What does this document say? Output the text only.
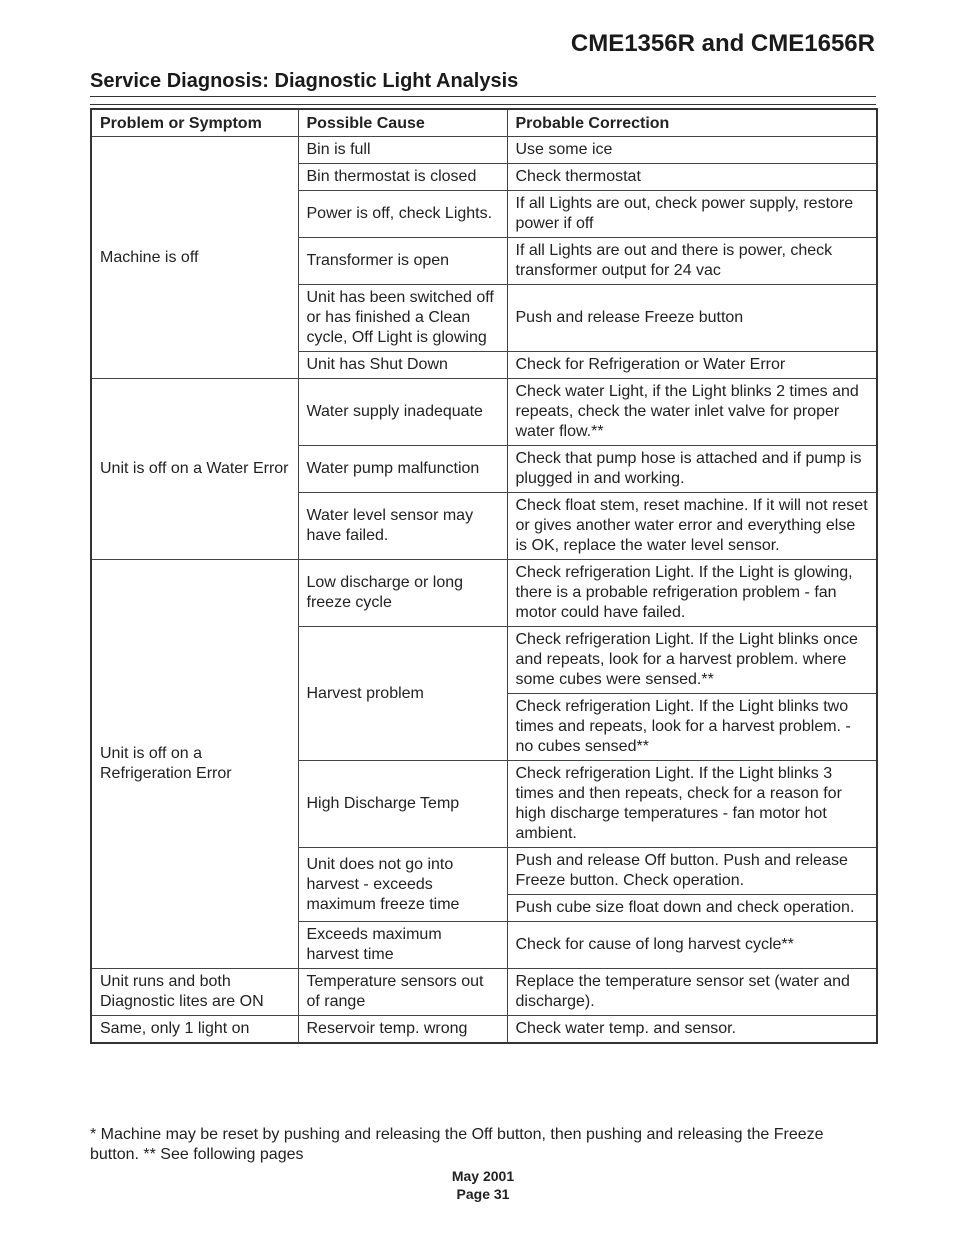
CME1356R and CME1656R
Service Diagnosis: Diagnostic Light Analysis
Problem or Symptom	Possible Cause	Probable Correction
Machine is off	Bin is full	Use some ice
	Bin thermostat is closed	Check thermostat
	Power is off, check Lights.	If all Lights are out, check power supply, restore power if off
	Transformer is open	If all Lights are out and there is power, check transformer output for 24 vac
	Unit has been switched off or has finished a Clean cycle, Off Light is glowing	Push and release Freeze button
	Unit has Shut Down	Check for Refrigeration or Water Error
Unit is off on a Water Error	Water supply inadequate	Check water Light, if the Light blinks 2 times and repeats, check the water inlet valve for proper water flow.**
	Water pump malfunction	Check that pump hose is attached and if pump is plugged in and working.
	Water level sensor may have failed.	Check float stem, reset machine. If it will not reset or gives another water error and everything else is OK, replace the water level sensor.
Unit is off on a Refrigeration Error	Low discharge or long freeze cycle	Check refrigeration Light. If the Light is glowing, there is a probable refrigeration problem - fan motor could have failed.
	Harvest problem	Check refrigeration Light. If the Light blinks once and repeats, look for a harvest problem. where some cubes were sensed.**
		Check refrigeration Light. If the Light blinks two times and repeats, look for a harvest problem. - no cubes sensed**
	High Discharge Temp	Check refrigeration Light. If the Light blinks 3 times and then repeats, check for a reason for high discharge temperatures - fan motor hot ambient.
	Unit does not go into harvest - exceeds maximum freeze time	Push and release Off button. Push and release Freeze button. Check operation.
		Push cube size float down and check operation.
	Exceeds maximum harvest time	Check for cause of long harvest cycle**
Unit runs and both Diagnostic lites are ON	Temperature sensors out of range	Replace the temperature sensor set (water and discharge).
Same, only 1 light on	Reservoir temp. wrong	Check water temp. and sensor.

* Machine may be reset by pushing and releasing the Off button, then pushing and releasing the Freeze button. ** See following pages

May 2001
Page 31
